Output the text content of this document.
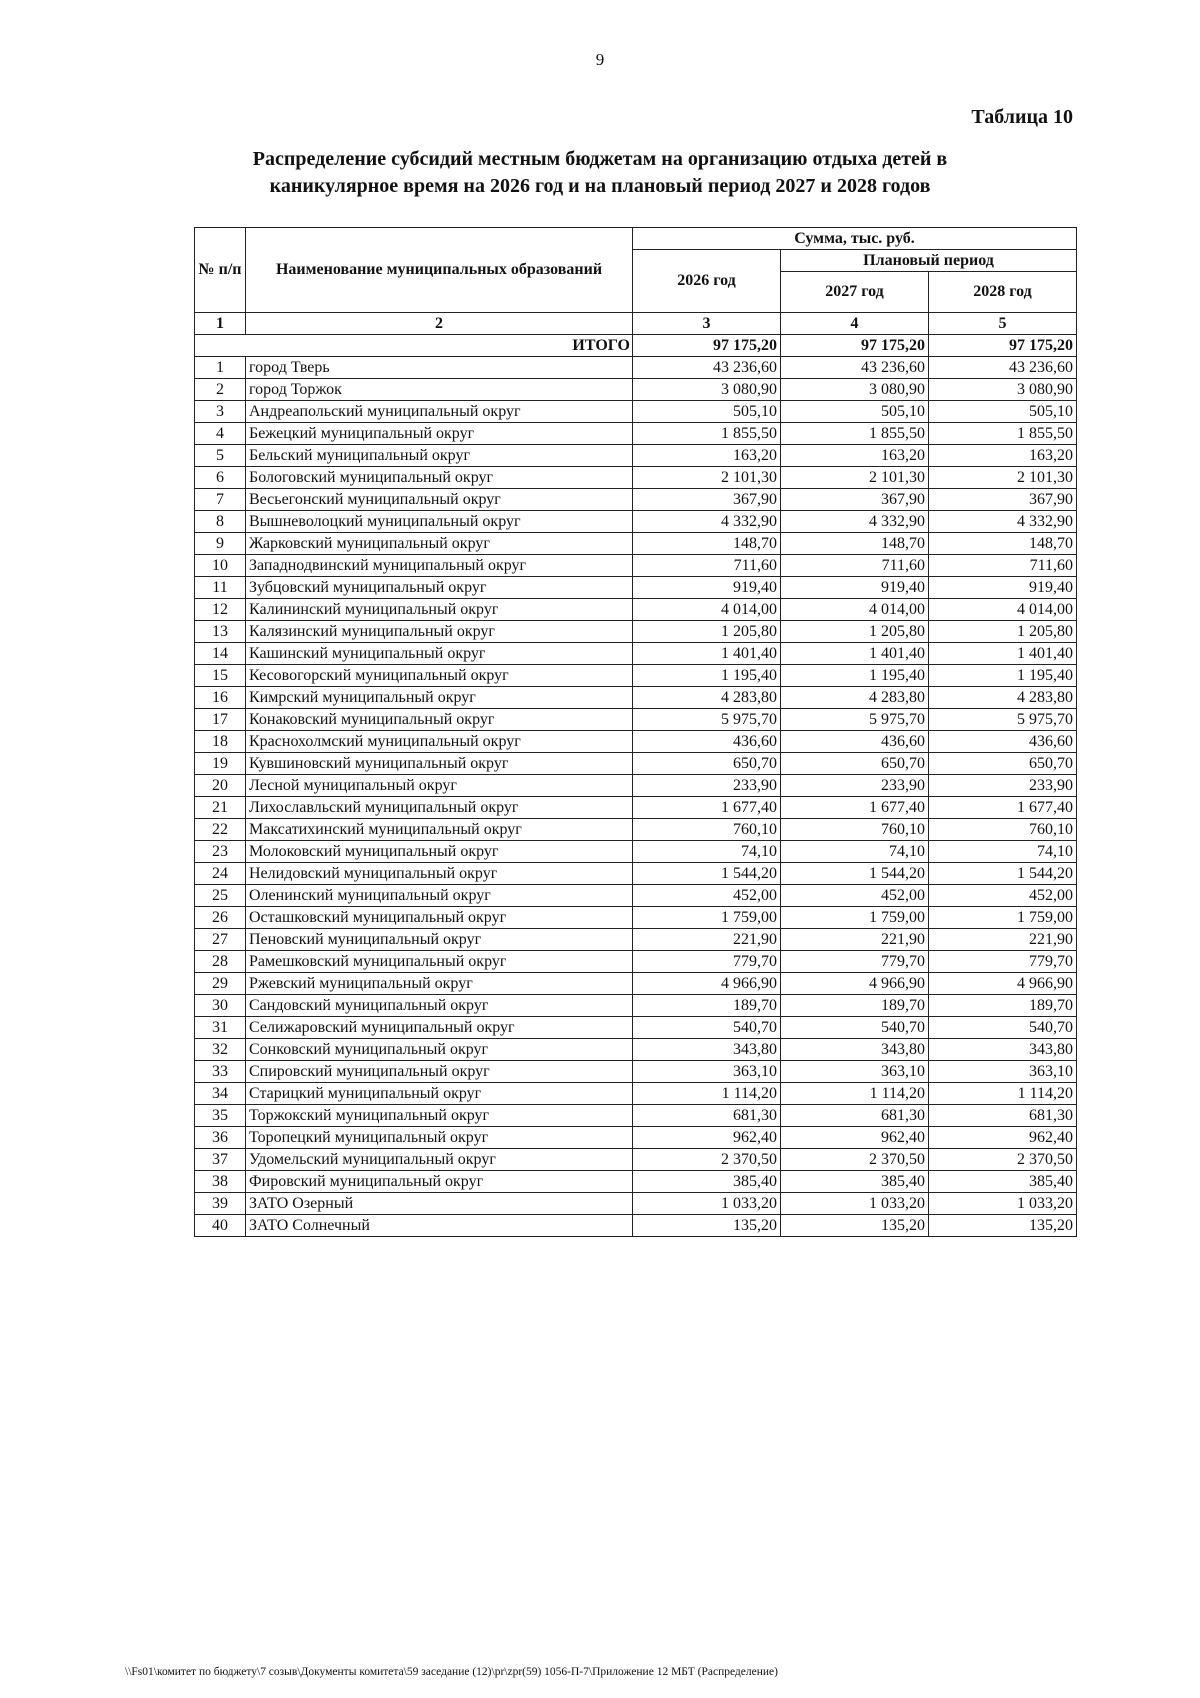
9
Таблица 10
Распределение субсидий местным бюджетам на организацию отдыха детей в
каникулярное время на 2026 год и на плановый период 2027 и 2028 годов
№ п/п	Наименование муниципальных образований	Сумма, тыс. руб.		
		2026 год	Плановый период	
			2027 год	2028 год
1	2	3	4	5
ИТОГО		97 175,20	97 175,20	97 175,20
1	город Тверь	43 236,60	43 236,60	43 236,60
2	город Торжок	3 080,90	3 080,90	3 080,90
3	Андреапольский муниципальный округ	505,10	505,10	505,10
4	Бежецкий муниципальный округ	1 855,50	1 855,50	1 855,50
5	Бельский муниципальный округ	163,20	163,20	163,20
6	Бологовский муниципальный округ	2 101,30	2 101,30	2 101,30
7	Весьегонский муниципальный округ	367,90	367,90	367,90
8	Вышневолоцкий муниципальный округ	4 332,90	4 332,90	4 332,90
9	Жарковский муниципальный округ	148,70	148,70	148,70
10	Западнодвинский муниципальный округ	711,60	711,60	711,60
11	Зубцовский муниципальный округ	919,40	919,40	919,40
12	Калининский муниципальный округ	4 014,00	4 014,00	4 014,00
13	Калязинский муниципальный округ	1 205,80	1 205,80	1 205,80
14	Кашинский муниципальный округ	1 401,40	1 401,40	1 401,40
15	Кесовогорский муниципальный округ	1 195,40	1 195,40	1 195,40
16	Кимрский муниципальный округ	4 283,80	4 283,80	4 283,80
17	Конаковский муниципальный округ	5 975,70	5 975,70	5 975,70
18	Краснохолмский муниципальный округ	436,60	436,60	436,60
19	Кувшиновский муниципальный округ	650,70	650,70	650,70
20	Лесной муниципальный округ	233,90	233,90	233,90
21	Лихославльский муниципальный округ	1 677,40	1 677,40	1 677,40
22	Максатихинский муниципальный округ	760,10	760,10	760,10
23	Молоковский муниципальный округ	74,10	74,10	74,10
24	Нелидовский муниципальный округ	1 544,20	1 544,20	1 544,20
25	Оленинский муниципальный округ	452,00	452,00	452,00
26	Осташковский муниципальный округ	1 759,00	1 759,00	1 759,00
27	Пеновский муниципальный округ	221,90	221,90	221,90
28	Рамешковский муниципальный округ	779,70	779,70	779,70
29	Ржевский муниципальный округ	4 966,90	4 966,90	4 966,90
30	Сандовский муниципальный округ	189,70	189,70	189,70
31	Селижаровский муниципальный округ	540,70	540,70	540,70
32	Сонковский муниципальный округ	343,80	343,80	343,80
33	Спировский муниципальный округ	363,10	363,10	363,10
34	Старицкий муниципальный округ	1 114,20	1 114,20	1 114,20
35	Торжокский муниципальный округ	681,30	681,30	681,30
36	Торопецкий муниципальный округ	962,40	962,40	962,40
37	Удомельский муниципальный округ	2 370,50	2 370,50	2 370,50
38	Фировский муниципальный округ	385,40	385,40	385,40
39	ЗАТО Озерный	1 033,20	1 033,20	1 033,20
40	ЗАТО Солнечный	135,20	135,20	135,20
\\Fs01\комитет по бюджету\7 созыв\Документы комитета\59 заседание (12)\pr\zpr(59) 1056-П-7\Приложение 12 МБТ (Распределение)
